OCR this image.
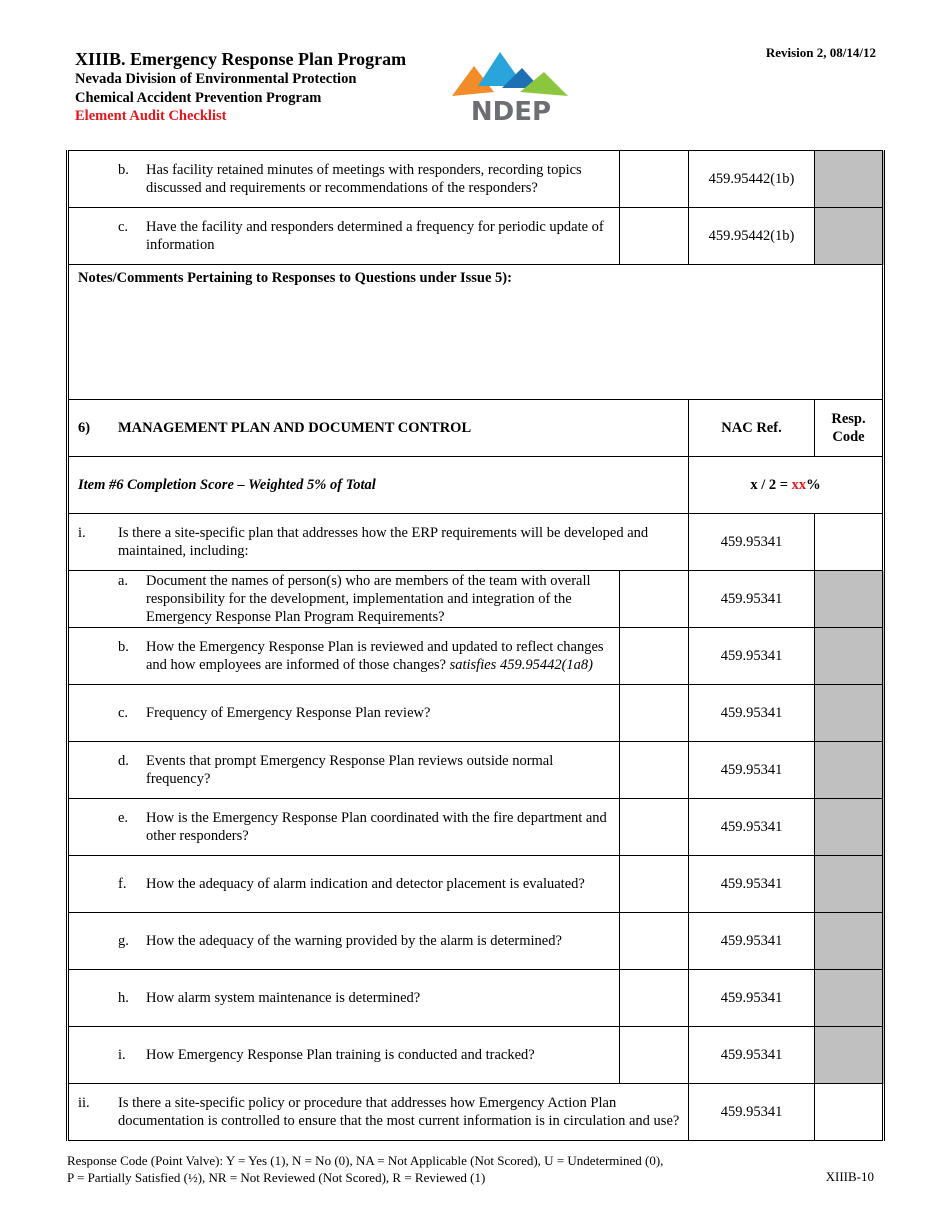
XIIIB. Emergency Response Plan Program
Nevada Division of Environmental Protection
Chemical Accident Prevention Program
Element Audit Checklist
Revision 2, 08/14/12
NDEP
b. Has facility retained minutes of meetings with responders, recording topics discussed and requirements or recommendations of the responders?		459.95442(1b)	

c. Have the facility and responders determined a frequency for periodic update of information		459.95442(1b)	
Notes/Comments Pertaining to Responses to Questions under Issue 5):			

6) MANAGEMENT PLAN AND DOCUMENT CONTROL		NAC Ref.	Resp.
Code
Item #6 Completion Score – Weighted 5% of Total		x / 2 = xx%	

i. Is there a site-specific plan that addresses how the ERP requirements will be developed and maintained, including:		459.95341	

a. Document the names of person(s) who are members of the team with overall responsibility for the development, implementation and integration of the Emergency Response Plan Program Requirements?		459.95341	

b. How the Emergency Response Plan is reviewed and updated to reflect changes and how employees are informed of those changes? satisfies 459.95442(1a8)		459.95341	

c. Frequency of Emergency Response Plan review?		459.95341	

d. Events that prompt Emergency Response Plan reviews outside normal frequency?		459.95341	

e. How is the Emergency Response Plan coordinated with the fire department and other responders?		459.95341	

f. How the adequacy of alarm indication and detector placement is evaluated?		459.95341	

g. How the adequacy of the warning provided by the alarm is determined?		459.95341	

h. How alarm system maintenance is determined?		459.95341	

i. How Emergency Response Plan training is conducted and tracked?		459.95341	

ii. Is there a site-specific policy or procedure that addresses how Emergency Action Plan documentation is controlled to ensure that the most current information is in circulation and use?		459.95341	
Response Code (Point Valve): Y = Yes (1), N = No (0), NA = Not Applicable (Not Scored), U = Undetermined (0),
P = Partially Satisfied (½), NR = Not Reviewed (Not Scored), R = Reviewed (1)	XIIIB-10
